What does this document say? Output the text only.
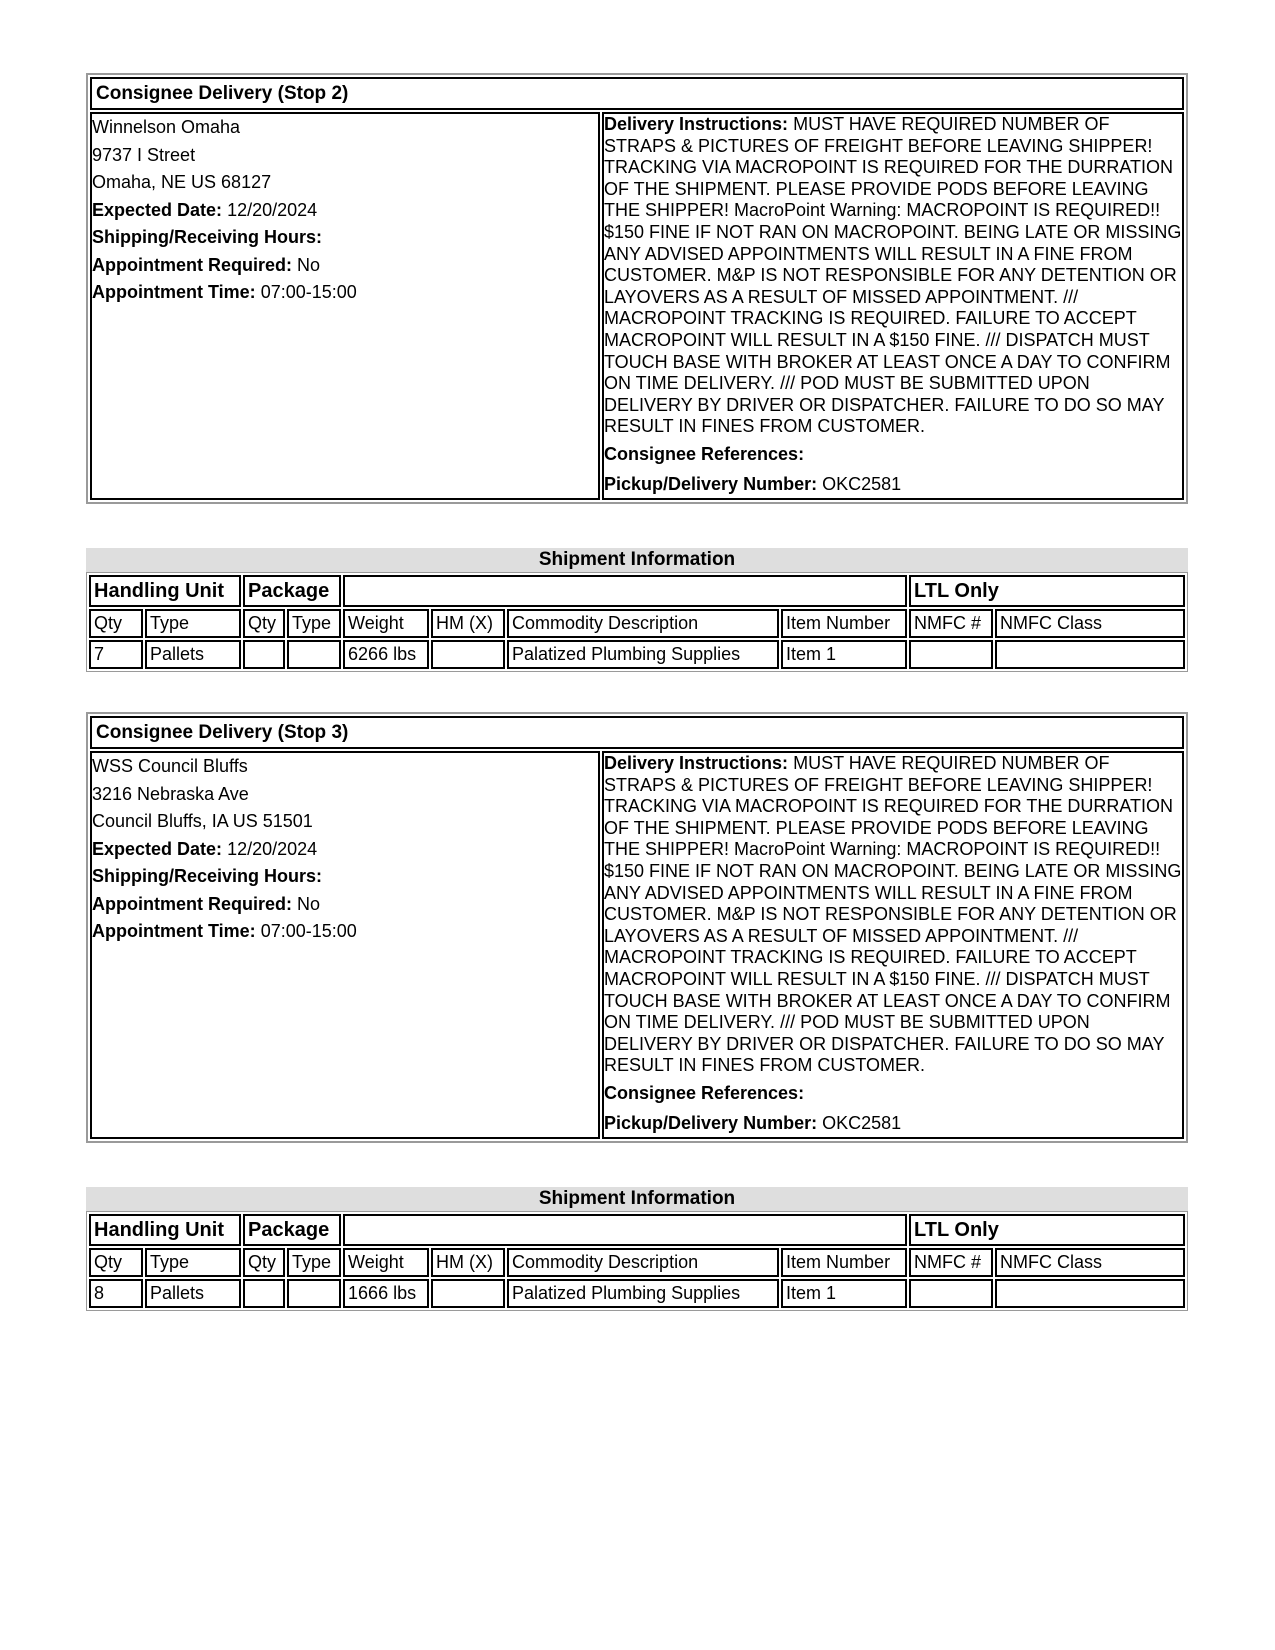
Consignee Delivery (Stop 2)

Winnelson Omaha
9737 I Street
Omaha, NE US 68127
Expected Date: 12/20/2024
Shipping/Receiving Hours:
Appointment Required: No
Appointment Time: 07:00-15:00

Delivery Instructions: MUST HAVE REQUIRED NUMBER OF STRAPS & PICTURES OF FREIGHT BEFORE LEAVING SHIPPER! TRACKING VIA MACROPOINT IS REQUIRED FOR THE DURRATION OF THE SHIPMENT. PLEASE PROVIDE PODS BEFORE LEAVING THE SHIPPER! MacroPoint Warning: MACROPOINT IS REQUIRED!! $150 FINE IF NOT RAN ON MACROPOINT. BEING LATE OR MISSING ANY ADVISED APPOINTMENTS WILL RESULT IN A FINE FROM CUSTOMER. M&P IS NOT RESPONSIBLE FOR ANY DETENTION OR LAYOVERS AS A RESULT OF MISSED APPOINTMENT. /// MACROPOINT TRACKING IS REQUIRED. FAILURE TO ACCEPT MACROPOINT WILL RESULT IN A $150 FINE. /// DISPATCH MUST TOUCH BASE WITH BROKER AT LEAST ONCE A DAY TO CONFIRM ON TIME DELIVERY. /// POD MUST BE SUBMITTED UPON DELIVERY BY DRIVER OR DISPATCHER. FAILURE TO DO SO MAY RESULT IN FINES FROM CUSTOMER.
Consignee References:
Pickup/Delivery Number: OKC2581
Shipment Information
Handling Unit		Package						LTL Only	
Qty	Type	Qty	Type	Weight	HM (X)	Commodity Description	Item Number	NMFC #	NMFC Class
7	Pallets			6266 lbs		Palatized Plumbing Supplies	Item 1		
Consignee Delivery (Stop 3)

WSS Council Bluffs
3216 Nebraska Ave
Council Bluffs, IA US 51501
Expected Date: 12/20/2024
Shipping/Receiving Hours:
Appointment Required: No
Appointment Time: 07:00-15:00

Delivery Instructions: MUST HAVE REQUIRED NUMBER OF STRAPS & PICTURES OF FREIGHT BEFORE LEAVING SHIPPER! TRACKING VIA MACROPOINT IS REQUIRED FOR THE DURRATION OF THE SHIPMENT. PLEASE PROVIDE PODS BEFORE LEAVING THE SHIPPER! MacroPoint Warning: MACROPOINT IS REQUIRED!! $150 FINE IF NOT RAN ON MACROPOINT. BEING LATE OR MISSING ANY ADVISED APPOINTMENTS WILL RESULT IN A FINE FROM CUSTOMER. M&P IS NOT RESPONSIBLE FOR ANY DETENTION OR LAYOVERS AS A RESULT OF MISSED APPOINTMENT. /// MACROPOINT TRACKING IS REQUIRED. FAILURE TO ACCEPT MACROPOINT WILL RESULT IN A $150 FINE. /// DISPATCH MUST TOUCH BASE WITH BROKER AT LEAST ONCE A DAY TO CONFIRM ON TIME DELIVERY. /// POD MUST BE SUBMITTED UPON DELIVERY BY DRIVER OR DISPATCHER. FAILURE TO DO SO MAY RESULT IN FINES FROM CUSTOMER.
Consignee References:
Pickup/Delivery Number: OKC2581
Shipment Information
Handling Unit		Package						LTL Only	
Qty	Type	Qty	Type	Weight	HM (X)	Commodity Description	Item Number	NMFC #	NMFC Class
8	Pallets			1666 lbs		Palatized Plumbing Supplies	Item 1		
